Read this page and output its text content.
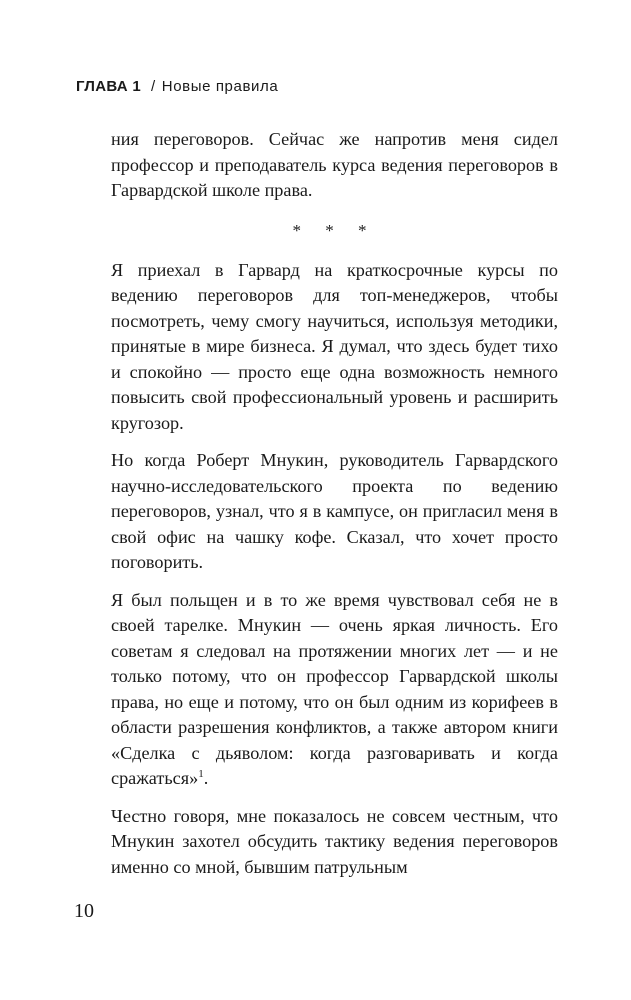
ГЛАВА 1 / Новые правила

ния переговоров. Сейчас же напротив меня сидел профессор и преподаватель курса ведения переговоров в Гарвардской школе права.

* * *

Я приехал в Гарвард на краткосрочные курсы по ведению переговоров для топ-менеджеров, чтобы посмотреть, чему смогу научиться, используя методики, принятые в мире бизнеса. Я думал, что здесь будет тихо и спокойно — просто еще одна возможность немного повысить свой профессиональный уровень и расширить кругозор.

Но когда Роберт Мнукин, руководитель Гарвардского научно-исследовательского проекта по ведению переговоров, узнал, что я в кампусе, он пригласил меня в свой офис на чашку кофе. Сказал, что хочет просто поговорить.

Я был польщен и в то же время чувствовал себя не в своей тарелке. Мнукин — очень яркая личность. Его советам я следовал на протяжении многих лет — и не только потому, что он профессор Гарвардской школы права, но еще и потому, что он был одним из корифеев в области разрешения конфликтов, а также автором книги «Сделка с дьяволом: когда разговаривать и когда сражаться»$^1$.

Честно говоря, мне показалось не совсем честным, что Мнукин захотел обсудить тактику ведения переговоров именно со мной, бывшим патрульным

10
